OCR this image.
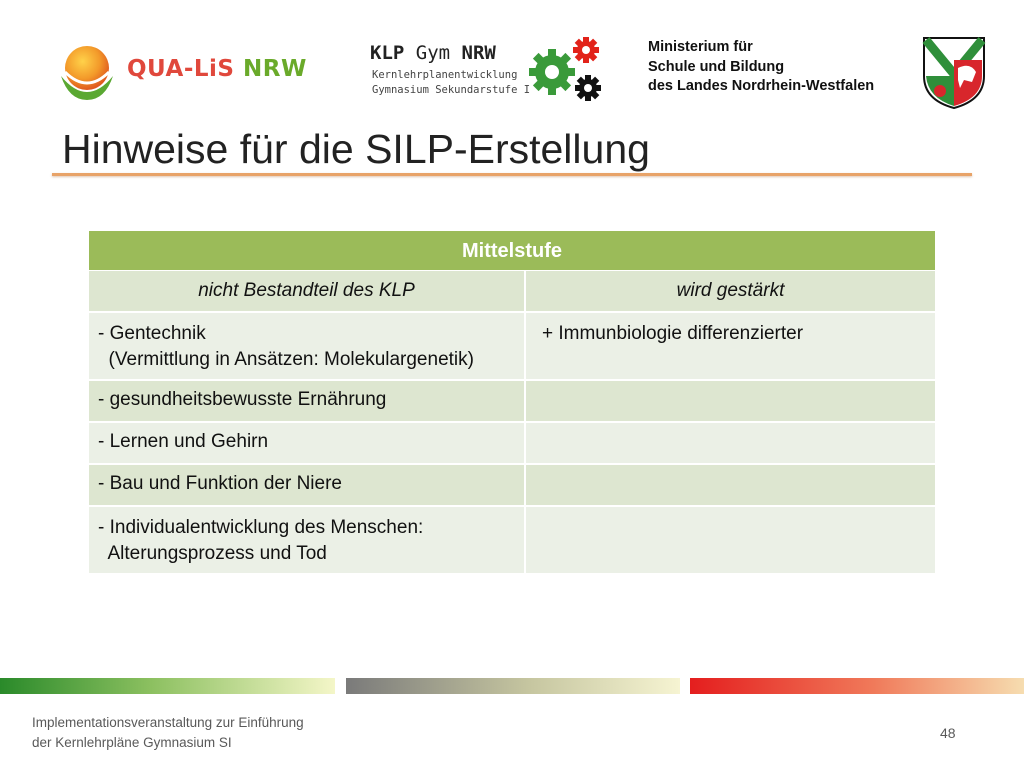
QUA-LiS NRW
KLP Gym NRW
Kernlehrplanentwicklung
Gymnasium Sekundarstufe I
Ministerium für
Schule und Bildung
des Landes Nordrhein-Westfalen
Hinweise für die SILP-Erstellung
Mittelstufe
nicht Bestandteil des KLP	wird gestärkt
- Gentechnik
(Vermittlung in Ansätzen: Molekulargenetik)
+ Immunbiologie differenzierter
- gesundheitsbewusste Ernährung
- Lernen und Gehirn
- Bau und Funktion der Niere
- Individualentwicklung des Menschen:
Alterungsprozess und Tod
Implementationsveranstaltung zur Einführung
der Kernlehrpläne Gymnasium SI
48
